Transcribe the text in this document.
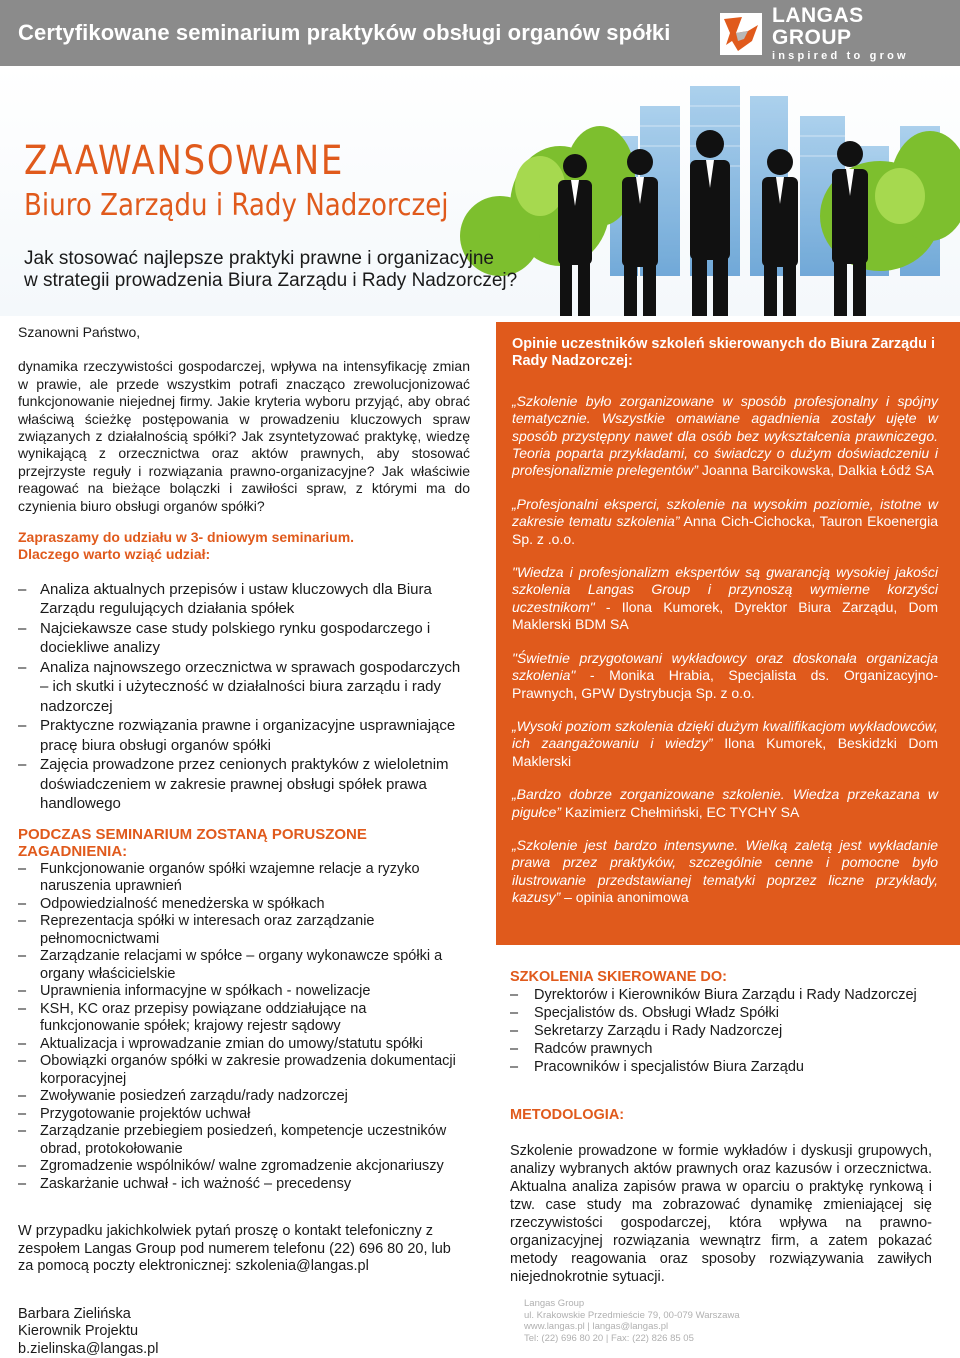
Certyfikowane seminarium praktyków obsługi organów spółki
LANGAS GROUP
inspired to grow
ZAAWANSOWANE
Biuro Zarządu i Rady Nadzorczej
Jak stosować najlepsze praktyki prawne i organizacyjne
w strategii prowadzenia Biura Zarządu i Rady Nadzorczej?

Szanowni Państwo,

dynamika rzeczywistości gospodarczej, wpływa na intensyfikację zmian w prawie, ale przede wszystkim potrafi znacząco zrewolucjonizować funkcjonowanie niejednej firmy. Jakie kryteria wyboru przyjąć, aby obrać właściwą ścieżkę postępowania w prowadzeniu kluczowych spraw związanych z działalnością spółki? Jak zsyntetyzować praktykę, wiedzę wynikającą z orzecznictwa oraz aktów prawnych, aby stosować przejrzyste reguły i rozwiązania prawno-organizacyjne? Jak właściwie reagować na bieżące bolączki i zawiłości spraw, z którymi ma do czynienia biuro obsługi organów spółki?

Zapraszamy do udziału w 3- dniowym seminarium.

Dlaczego warto wziąć udział:

– Analiza aktualnych przepisów i ustaw kluczowych dla Biura Zarządu regulujących działania spółek
– Najciekawsze case study polskiego rynku gospodarczego i dociekliwe analizy
– Analiza najnowszego orzecznictwa w sprawach gospodarczych – ich skutki i użyteczność w działalności biura zarządu i rady nadzorczej
– Praktyczne rozwiązania prawne i organizacyjne usprawniające pracę biura obsługi organów spółki
– Zajęcia prowadzone przez cenionych praktyków z wieloletnim doświadczeniem w zakresie prawnej obsługi spółek prawa handlowego

PODCZAS SEMINARIUM ZOSTANĄ PORUSZONE ZAGADNIENIA:

– Funkcjonowanie organów spółki wzajemne relacje a ryzyko naruszenia uprawnień
– Odpowiedzialność menedżerska w spółkach
– Reprezentacja spółki w interesach oraz zarządzanie pełnomocnictwami
– Zarządzanie relacjami w spółce – organy wykonawcze spółki a organy właścicielskie
– Uprawnienia informacyjne w spółkach - nowelizacje
– KSH, KC oraz przepisy powiązane oddziałujące na funkcjonowanie spółek; krajowy rejestr sądowy
– Aktualizacja i wprowadzanie zmian do umowy/statutu spółki
– Obowiązki organów spółki w zakresie prowadzenia dokumentacji korporacyjnej
– Zwoływanie posiedzeń zarządu/rady nadzorczej
– Przygotowanie projektów uchwał
– Zarządzanie przebiegiem posiedzeń, kompetencje uczestników obrad, protokołowanie
– Zgromadzenie wspólników/ walne zgromadzenie akcjonariuszy
– Zaskarżanie uchwał - ich ważność – precedensy

W przypadku jakichkolwiek pytań proszę o kontakt telefoniczny z zespołem Langas Group pod numerem telefonu (22) 696 80 20, lub za pomocą poczty elektronicznej: szkolenia@langas.pl

Barbara Zielińska
Kierownik Projektu
b.zielinska@langas.pl

Opinie uczestników szkoleń skierowanych do Biura Zarządu i Rady Nadzorczej:

„Szkolenie było zorganizowane w sposób profesjonalny i spójny tematycznie. Wszystkie omawiane agadnienia zostały ujęte w sposób przystępny nawet dla osób bez wykształcenia prawniczego. Teoria poparta przykładami, co świadczy o dużym doświadczeniu i profesjonalizmie prelegentów” Joanna Barcikowska, Dalkia Łódź SA

„Profesjonalni eksperci, szkolenie na wysokim poziomie, istotne w zakresie tematu szkolenia” Anna Cich-Cichocka, Tauron Ekoenergia Sp. z .o.o.

"Wiedza i profesjonalizm ekspertów są gwarancją wysokiej jakości szkolenia Langas Group i przynoszą wymierne korzyści uczestnikom" - Ilona Kumorek, Dyrektor Biura Zarządu, Dom Maklerski BDM SA

"Świetnie przygotowani wykładowcy oraz doskonała organizacja szkolenia" - Monika Hrabia, Specjalista ds. Organizacyjno-Prawnych, GPW Dystrybucja Sp. z o.o.

„Wysoki poziom szkolenia dzięki dużym kwalifikacjom wykładowców, ich zaangażowaniu i wiedzy” Ilona Kumorek, Beskidzki Dom Maklerski

„Bardzo dobrze zorganizowane szkolenie. Wiedza przekazana w pigułce” Kazimierz Chełmiński, EC TYCHY SA

„Szkolenie jest bardzo intensywne. Wielką zaletą jest wykładanie prawa przez praktyków, szczególnie cenne i pomocne było ilustrowanie przedstawianej tematyki poprzez liczne przykłady, kazusy” – opinia anonimowa

SZKOLENIA SKIEROWANE DO:

– Dyrektorów i Kierowników Biura Zarządu i Rady Nadzorczej
– Specjalistów ds. Obsługi Władz Spółki
– Sekretarzy Zarządu i Rady Nadzorczej
– Radców prawnych
– Pracowników i specjalistów Biura Zarządu

METODOLOGIA:

Szkolenie prowadzone w formie wykładów i dyskusji grupowych, analizy wybranych aktów prawnych oraz kazusów i orzecznictwa. Aktualna analiza zapisów prawa w oparciu o praktykę rynkową i tzw. case study ma zobrazować dynamikę zmieniającej się rzeczywistości gospodarczej, która wpływa na prawno-organizacyjnej rozwiązania wewnątrz firm, a zatem pokazać metody reagowania oraz sposoby rozwiązywania zawiłych niejednokrotnie sytuacji.

Langas Group
ul. Krakowskie Przedmieście 79, 00-079 Warszawa
www.langas.pl | langas@langas.pl
Tel: (22) 696 80 20 | Fax: (22) 826 85 05
